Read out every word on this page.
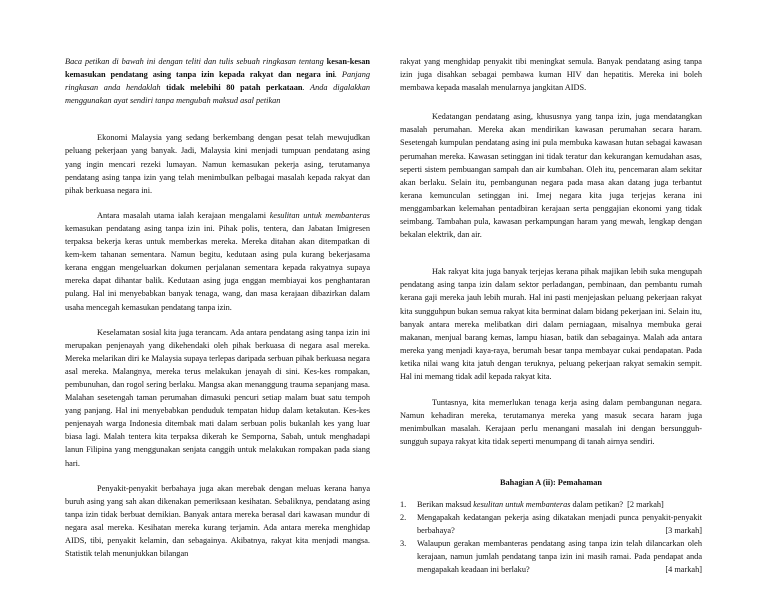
Baca petikan di bawah ini dengan teliti dan tulis sebuah ringkasan tentang kesan-kesan kemasukan pendatang asing tanpa izin kepada rakyat dan negara ini. Panjang ringkasan anda hendaklah tidak melebihi 80 patah perkataan. Anda digalakkan menggunakan ayat sendiri tanpa mengubah maksud asal petikan

Ekonomi Malaysia yang sedang berkembang dengan pesat telah mewujudkan peluang pekerjaan yang banyak. Jadi, Malaysia kini menjadi tumpuan pendatang asing yang ingin mencari rezeki lumayan. Namun kemasukan pekerja asing, terutamanya pendatang asing tanpa izin yang telah menimbulkan pelbagai masalah kepada rakyat dan pihak berkuasa negara ini.

Antara masalah utama ialah kerajaan mengalami kesulitan untuk membanteras kemasukan pendatang asing tanpa izin ini. Pihak polis, tentera, dan Jabatan Imigresen terpaksa bekerja keras untuk memberkas mereka. Mereka ditahan akan ditempatkan di kem-kem tahanan sementara. Namun begitu, kedutaan asing pula kurang bekerjasama kerana enggan mengeluarkan dokumen perjalanan sementara kepada rakyatnya supaya mereka dapat dihantar balik. Kedutaan asing juga enggan membiayai kos penghantaran pulang. Hal ini menyebabkan banyak tenaga, wang, dan masa kerajaan dibazirkan dalam usaha mencegah kemasukan pendatang tanpa izin.

Keselamatan sosial kita juga terancam. Ada antara pendatang asing tanpa izin ini merupakan penjenayah yang dikehendaki oleh pihak berkuasa di negara asal mereka. Mereka melarikan diri ke Malaysia supaya terlepas daripada serbuan pihak berkuasa negara asal mereka. Malangnya, mereka terus melakukan jenayah di sini. Kes-kes rompakan, pembunuhan, dan rogol sering berlaku. Mangsa akan menanggung trauma sepanjang masa. Malahan sesetengah taman perumahan dimasuki pencuri setiap malam buat satu tempoh yang panjang. Hal ini menyebabkan penduduk tempatan hidup dalam ketakutan. Kes-kes penjenayah warga Indonesia ditembak mati dalam serbuan polis bukanlah kes yang luar biasa lagi. Malah tentera kita terpaksa dikerah ke Semporna, Sabah, untuk menghadapi lanun Filipina yang menggunakan senjata canggih untuk melakukan rompakan pada siang hari.

Penyakit-penyakit berbahaya juga akan merebak dengan meluas kerana hanya buruh asing yang sah akan dikenakan pemeriksaan kesihatan. Sebaliknya, pendatang asing tanpa izin tidak berbuat demikian. Banyak antara mereka berasal dari kawasan mundur di negara asal mereka. Kesihatan mereka kurang terjamin. Ada antara mereka menghidap AIDS, tibi, penyakit kelamin, dan sebagainya. Akibatnya, rakyat kita menjadi mangsa. Statistik telah menunjukkan bilangan

rakyat yang menghidap penyakit tibi meningkat semula. Banyak pendatang asing tanpa izin juga disahkan sebagai pembawa kuman HIV dan hepatitis. Mereka ini boleh membawa kepada masalah menularnya jangkitan AIDS.

Kedatangan pendatang asing, khususnya yang tanpa izin, juga mendatangkan masalah perumahan. Mereka akan mendirikan kawasan perumahan secara haram. Sesetengah kumpulan pendatang asing ini pula membuka kawasan hutan sebagai kawasan perumahan mereka. Kawasan setinggan ini tidak teratur dan kekurangan kemudahan asas, seperti sistem pembuangan sampah dan air kumbahan. Oleh itu, pencemaran alam sekitar akan berlaku. Selain itu, pembangunan negara pada masa akan datang juga terbantut kerana kemunculan setinggan ini. Imej negara kita juga terjejas kerana ini menggambarkan kelemahan pentadbiran kerajaan serta penggajian ekonomi yang tidak seimbang. Tambahan pula, kawasan perkampungan haram yang mewah, lengkap dengan bekalan elektrik, dan air.

Hak rakyat kita juga banyak terjejas kerana pihak majikan lebih suka mengupah pendatang asing tanpa izin dalam sektor perladangan, pembinaan, dan pembantu rumah kerana gaji mereka jauh lebih murah. Hal ini pasti menjejaskan peluang pekerjaan rakyat kita sungguhpun bukan semua rakyat kita berminat dalam bidang pekerjaan ini. Selain itu, banyak antara mereka melibatkan diri dalam perniagaan, misalnya membuka gerai makanan, menjual barang kemas, lampu hiasan, batik dan sebagainya. Malah ada antara mereka yang menjadi kaya-raya, berumah besar tanpa membayar cukai pendapatan. Pada ketika nilai wang kita jatuh dengan teruknya, peluang pekerjaan rakyat semakin sempit. Hal ini memang tidak adil kepada rakyat kita.

Tuntasnya, kita memerlukan tenaga kerja asing dalam pembangunan negara. Namun kehadiran mereka, terutamanya mereka yang masuk secara haram juga menimbulkan masalah. Kerajaan perlu menangani masalah ini dengan bersungguh-sungguh supaya rakyat kita tidak seperti menumpang di tanah airnya sendiri.

Bahagian A (ii): Pemahaman
1. Berikan maksud kesulitan untuk membanteras dalam petikan? [2 markah]
2. Mengapakah kedatangan pekerja asing dikatakan menjadi punca penyakit-penyakit berbahaya?	[3 markah]
3. Walaupun gerakan membanteras pendatang asing tanpa izin telah dilancarkan oleh kerajaan, namun jumlah pendatang tanpa izin ini masih ramai. Pada pendapat anda mengapakah keadaan ini berlaku?	[4 markah]
